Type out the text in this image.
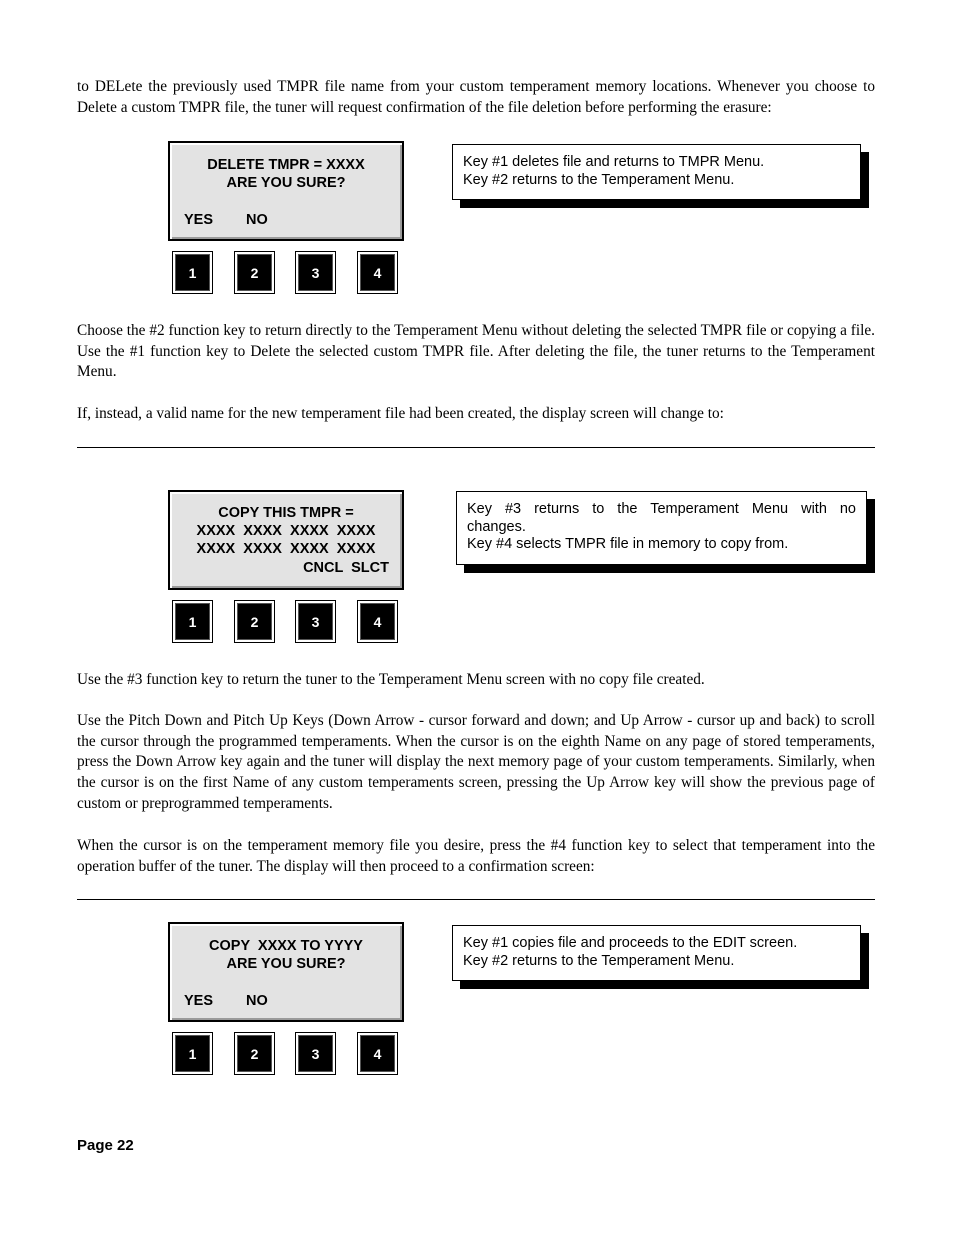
to DELete the previously used TMPR file name from your custom temperament memory locations. Whenever you choose to Delete a custom TMPR file, the tuner will request confirmation of the file deletion before performing the erasure:
DELETE TMPR = XXXX
ARE YOU SURE?
YES NO
1	2	3	4
Key #1 deletes file and returns to TMPR Menu.
Key #2 returns to the Temperament Menu.
Choose the #2 function key to return directly to the Temperament Menu without deleting the selected TMPR file or copying a file. Use the #1 function key to Delete the selected custom TMPR file. After deleting the file, the tuner returns to the Temperament Menu.
If, instead, a valid name for the new temperament file had been created, the display screen will change to:
COPY THIS TMPR =
XXXX  XXXX  XXXX  XXXX
XXXX  XXXX  XXXX  XXXX
CNCL  SLCT
1	2	3	4
Key #3 returns to the Temperament Menu with no
changes.
Key #4 selects TMPR file in memory to copy from.
Use the #3 function key to return the tuner to the Temperament Menu screen with no copy file created.
Use the Pitch Down and Pitch Up Keys (Down Arrow - cursor forward and down; and Up Arrow - cursor up and back) to scroll the cursor through the programmed temperaments. When the cursor is on the eighth Name on any page of stored temperaments, press the Down Arrow key again and the tuner will display the next memory page of your custom temperaments. Similarly, when the cursor is on the first Name of any custom temperaments screen, pressing the Up Arrow key will show the previous page of custom or preprogrammed temperaments.
When the cursor is on the temperament memory file you desire, press the #4 function key to select that temperament into the operation buffer of the tuner. The display will then proceed to a confirmation screen:
COPY  XXXX TO YYYY
ARE YOU SURE?
YES NO
1	2	3	4
Key #1 copies file and proceeds to the EDIT screen.
Key #2 returns to the Temperament Menu.
Page 22
